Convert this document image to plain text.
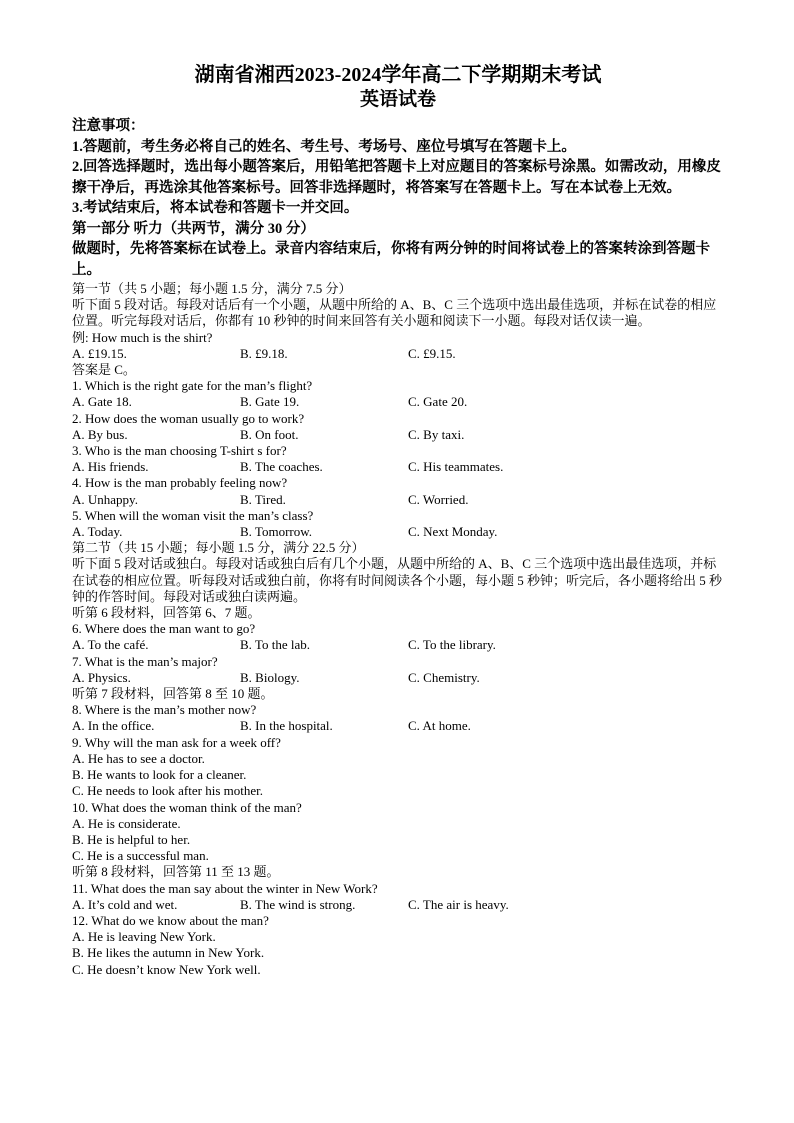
湖南省湘西2023-2024学年高二下学期期末考试
英语试卷
注意事项：
1.答题前，考生务必将自己的姓名、考生号、考场号、座位号填写在答题卡上。
2.回答选择题时，选出每小题答案后，用铅笔把答题卡上对应题目的答案标号涂黑。如需改动，用橡皮擦干净后，再选涂其他答案标号。回答非选择题时，将答案写在答题卡上。写在本试卷上无效。
3.考试结束后，将本试卷和答题卡一并交回。
第一部分 听力（共两节，满分 30 分）
做题时，先将答案标在试卷上。录音内容结束后，你将有两分钟的时间将试卷上的答案转涂到答题卡上。
第一节（共 5 小题；每小题 1.5 分，满分 7.5 分）
听下面 5 段对话。每段对话后有一个小题，从题中所给的 A、B、C 三个选项中选出最佳选项，并标在试卷的相应位置。听完每段对话后，你都有 10 秒钟的时间来回答有关小题和阅读下一小题。每段对话仅读一遍。
例: How much is the shirt?
A. £19.15.	B. £9.18.	C. £9.15.
答案是 C。
1. Which is the right gate for the man’s flight?
A. Gate 18.	B. Gate 19.	C. Gate 20.
2. How does the woman usually go to work?
A. By bus.	B. On foot.	C. By taxi.
3. Who is the man choosing T-shirt s for?
A. His friends.	B. The coaches.	C. His teammates.
4. How is the man probably feeling now?
A. Unhappy.	B. Tired.	C. Worried.
5. When will the woman visit the man’s class?
A. Today.	B. Tomorrow.	C. Next Monday.
第二节（共 15 小题；每小题 1.5 分，满分 22.5 分）
听下面 5 段对话或独白。每段对话或独白后有几个小题，从题中所给的 A、B、C 三个选项中选出最佳选项，并标在试卷的相应位置。听每段对话或独白前，你将有时间阅读各个小题，每小题 5 秒钟；听完后，各小题将给出 5 秒钟的作答时间。每段对话或独白读两遍。
听第 6 段材料，回答第 6、7 题。
6. Where does the man want to go?
A. To the café.	B. To the lab.	C. To the library.
7. What is the man’s major?
A. Physics.	B. Biology.	C. Chemistry.
听第 7 段材料，回答第 8 至 10 题。
8. Where is the man’s mother now?
A. In the office.	B. In the hospital.	C. At home.
9. Why will the man ask for a week off?
A. He has to see a doctor.
B. He wants to look for a cleaner.
C. He needs to look after his mother.
10. What does the woman think of the man?
A. He is considerate.
B. He is helpful to her.
C. He is a successful man.
听第 8 段材料，回答第 11 至 13 题。
11. What does the man say about the winter in New Work?
A. It’s cold and wet.	B. The wind is strong.	C. The air is heavy.
12. What do we know about the man?
A. He is leaving New York.
B. He likes the autumn in New York.
C. He doesn’t know New York well.
